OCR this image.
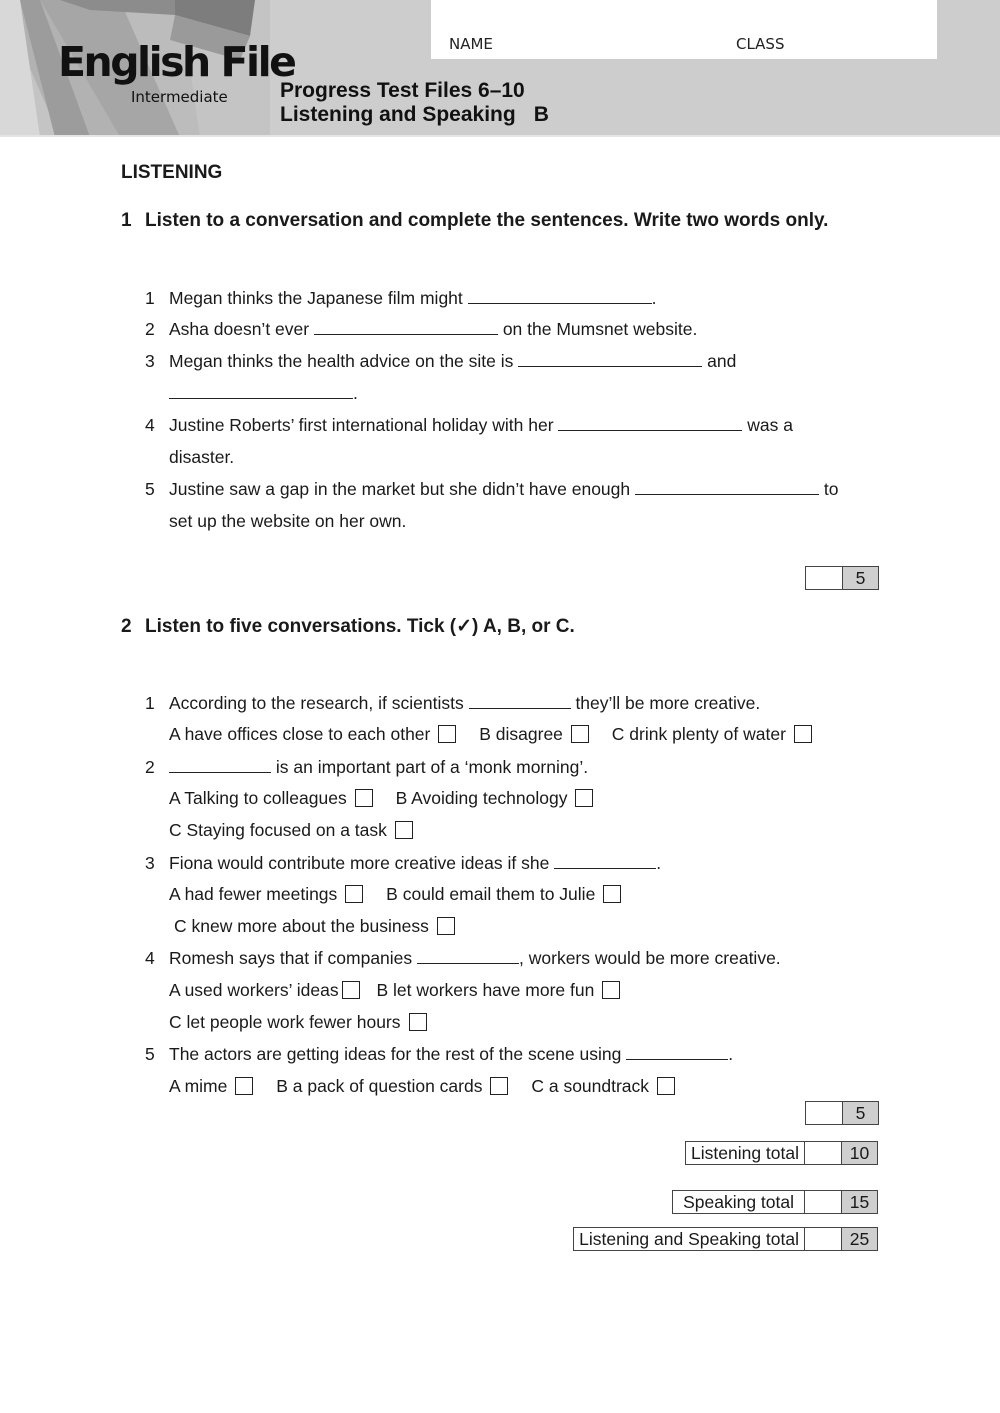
English File
Intermediate
NAME	CLASS
Progress Test Files 6–10
Listening and Speaking B
LISTENING
1 Listen to a conversation and complete the sentences. Write two words only.
1 Megan thinks the Japanese film might	.
2 Asha doesn’t ever	on the Mumsnet website.
3 Megan thinks the health advice on the site is	and
.
4 Justine Roberts’ first international holiday with her	was a
disaster.
5 Justine saw a gap in the market but she didn’t have enough	to
set up the website on her own.
5
2 Listen to five conversations. Tick (✓) A, B, or C.
1 According to the research, if scientists	they’ll be more creative.
A have offices close to each other	B disagree	C drink plenty of water
2	is an important part of a ‘monk morning’.
A Talking to colleagues	B Avoiding technology
C Staying focused on a task
3 Fiona would contribute more creative ideas if she	.
A had fewer meetings	B could email them to Julie
C knew more about the business
4 Romesh says that if companies	, workers would be more creative.
A used workers’ ideas B let workers have more fun
C let people work fewer hours
5 The actors are getting ideas for the rest of the scene using	.
A mime	B a pack of question cards	C a soundtrack
5
Listening total	10
Speaking total	15
Listening and Speaking total	25
